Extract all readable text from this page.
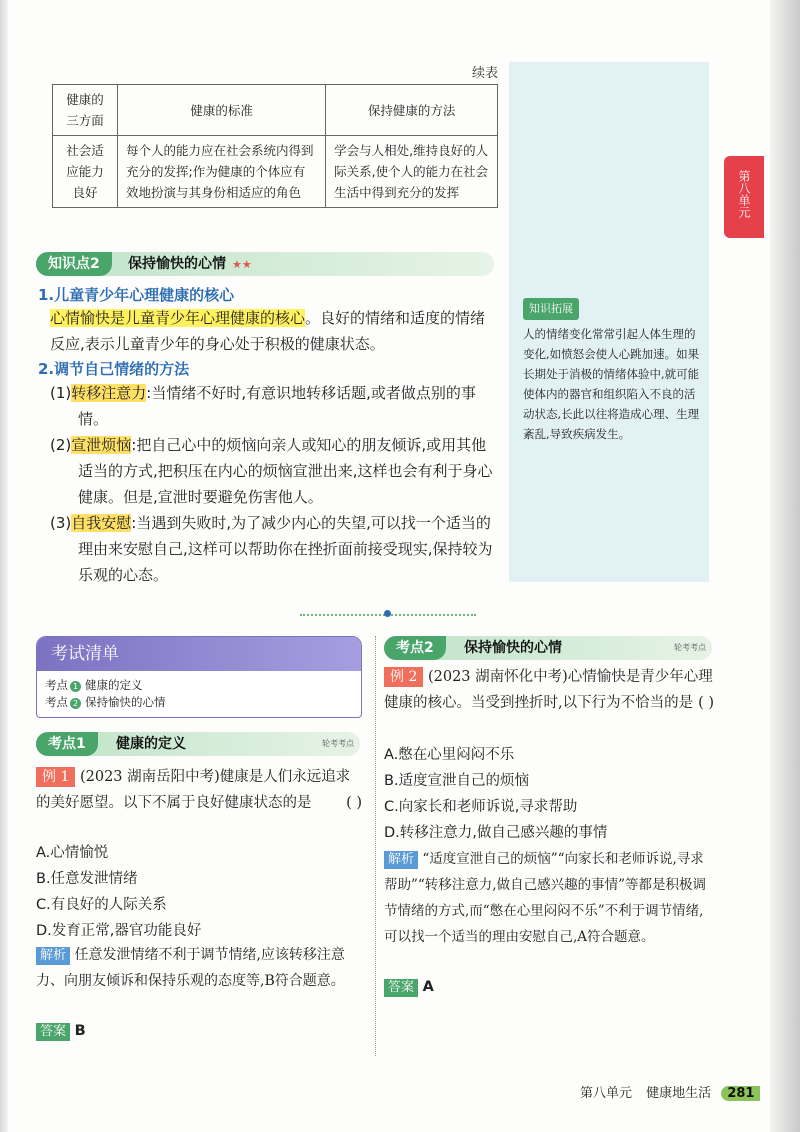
知识拓展
人的情绪变化常常引起人体生理的变化,如愤怒会使人心跳加速。如果长期处于消极的情绪体验中,就可能使体内的器官和组织陷入不良的活动状态,长此以往将造成心理、生理紊乱,导致疾病发生。
第八单元
续表
健康的三方面	健康的标准	保持健康的方法
社会适应能力良好	每个人的能力应在社会系统内得到充分的发挥;作为健康的个体应有效地扮演与其身份相适应的角色	学会与人相处,维持良好的人际关系,使个人的能力在社会生活中得到充分的发挥
知识点2	保持愉快的心情 ★★
1.儿童青少年心理健康的核心
心情愉快是儿童青少年心理健康的核心。良好的情绪和适度的情绪反应,表示儿童青少年的身心处于积极的健康状态。
2.调节自己情绪的方法
(1)转移注意力:当情绪不好时,有意识地转移话题,或者做点别的事情。
(2)宣泄烦恼:把自己心中的烦恼向亲人或知心的朋友倾诉,或用其他适当的方式,把积压在内心的烦恼宣泄出来,这样也会有利于身心健康。但是,宣泄时要避免伤害他人。
(3)自我安慰:当遇到失败时,为了减少内心的失望,可以找一个适当的理由来安慰自己,这样可以帮助你在挫折面前接受现实,保持较为乐观的心态。
考试清单
考点 1 健康的定义
考点 2 保持愉快的心情
考点1	健康的定义	轮考考点
例 1 (2023 湖南岳阳中考)健康是人们永远追求的美好愿望。以下不属于良好健康状态的是 ( )
A.心情愉悦
B.任意发泄情绪
C.有良好的人际关系
D.发育正常,器官功能良好
解析 任意发泄情绪不利于调节情绪,应该转移注意力、向朋友倾诉和保持乐观的态度等,B符合题意。
答案 B
考点2	保持愉快的心情	轮考考点
例 2 (2023 湖南怀化中考)心情愉快是青少年心理健康的核心。当受到挫折时,以下行为不恰当的是 ( )
A.憋在心里闷闷不乐
B.适度宣泄自己的烦恼
C.向家长和老师诉说,寻求帮助
D.转移注意力,做自己感兴趣的事情
解析 “适度宣泄自己的烦恼”“向家长和老师诉说,寻求帮助”“转移注意力,做自己感兴趣的事情”等都是积极调节情绪的方式,而“憋在心里闷闷不乐”不利于调节情绪,可以找一个适当的理由安慰自己,A符合题意。
答案 A
第八单元 健康地生活 281
